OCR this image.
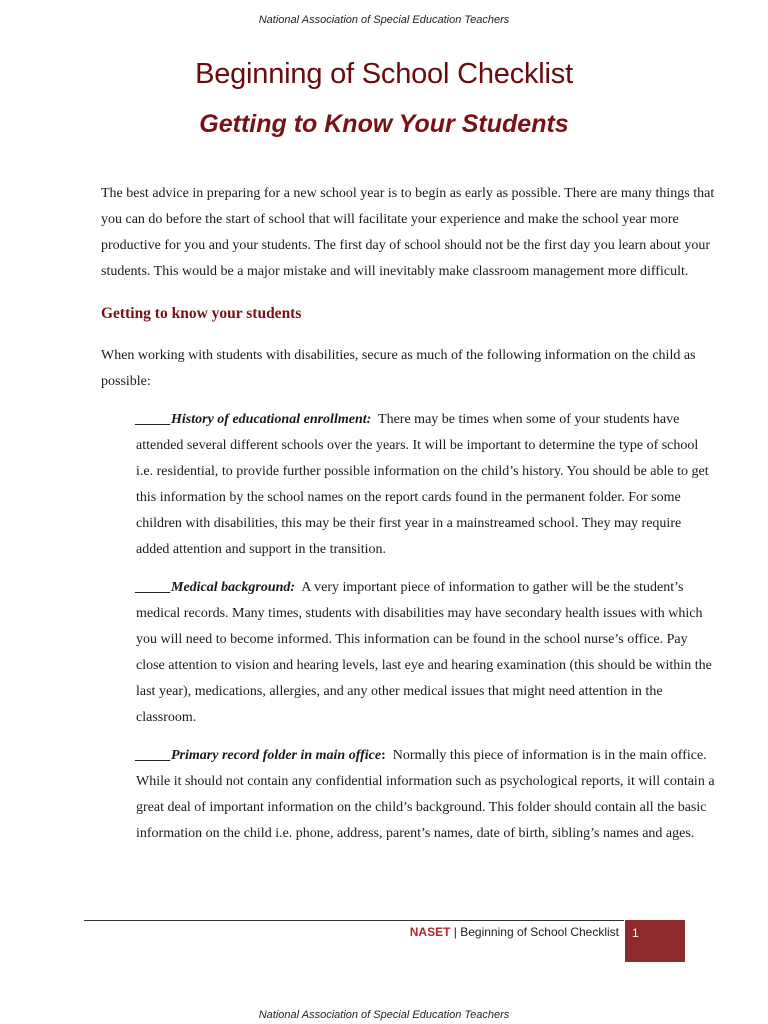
National Association of Special Education Teachers
Beginning of School Checklist
Getting to Know Your Students

The best advice in preparing for a new school year is to begin as early as possible. There are many things that you can do before the start of school that will facilitate your experience and make the school year more productive for you and your students. The first day of school should not be the first day you learn about your students. This would be a major mistake and will inevitably make classroom management more difficult.

Getting to know your students

When working with students with disabilities, secure as much of the following information on the child as possible:

_____History of educational enrollment: There may be times when some of your students have attended several different schools over the years. It will be important to determine the type of school i.e. residential, to provide further possible information on the child’s history. You should be able to get this information by the school names on the report cards found in the permanent folder. For some children with disabilities, this may be their first year in a mainstreamed school. They may require added attention and support in the transition.

_____Medical background: A very important piece of information to gather will be the student’s medical records. Many times, students with disabilities may have secondary health issues with which you will need to become informed. This information can be found in the school nurse’s office. Pay close attention to vision and hearing levels, last eye and hearing examination (this should be within the last year), medications, allergies, and any other medical issues that might need attention in the classroom.

_____Primary record folder in main office: Normally this piece of information is in the main office. While it should not contain any confidential information such as psychological reports, it will contain a great deal of important information on the child’s background. This folder should contain all the basic information on the child i.e. phone, address, parent’s names, date of birth, sibling’s names and ages.

NASET | Beginning of School Checklist 1
National Association of Special Education Teachers
